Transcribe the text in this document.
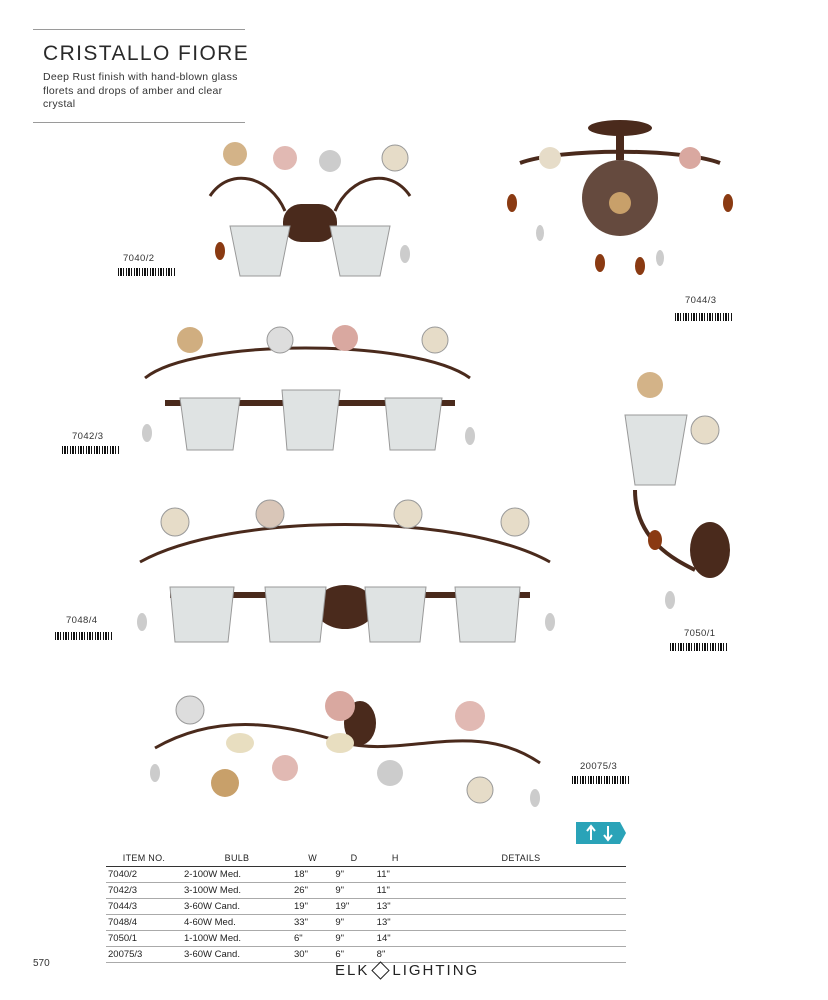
CRISTALLO FIORE
Deep Rust finish with hand-blown glass florets and drops of amber and clear crystal
7040/2
7044/3
7042/3
7050/1
7048/4
20075/3
ITEM NO.	BULB	W	D	H	DETAILS
7040/2	2-100W Med.	18"	9"	11"	
7042/3	3-100W Med.	26"	9"	11"	
7044/3	3-60W Cand.	19"	19"	13"	
7048/4	4-60W Med.	33"	9"	13"	
7050/1	1-100W Med.	6"	9"	14"	
20075/3	3-60W Cand.	30"	6"	8"	
570	ELK LIGHTING
